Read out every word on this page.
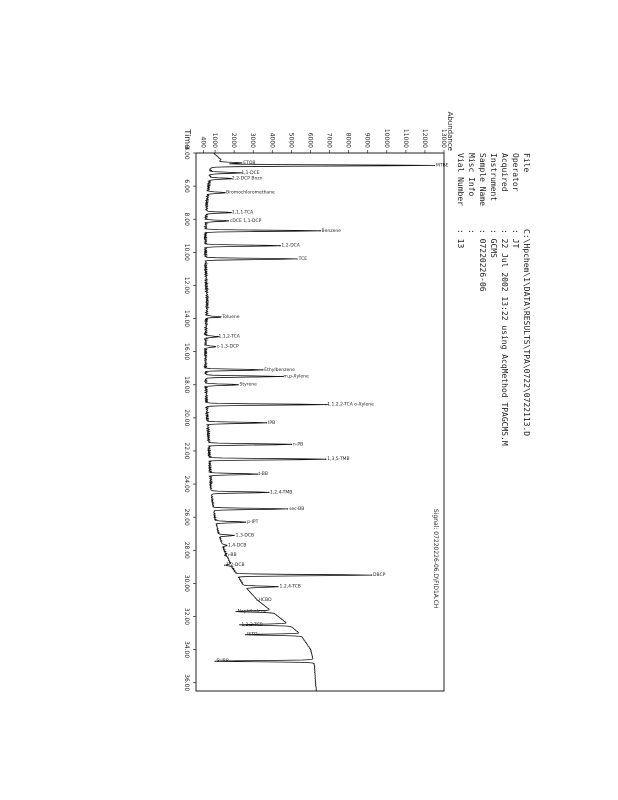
File
C:\Hpchem\1\DATA\RESULTS\TPA\0722\0722113.D
Operator
: JT
Acquired
: 22 Jul 2002 13:22 using AcqMethod TPAGCMS.M
Instrument
: GCMS
Sample Name
: 07220226-06
Misc Info
:
Vial Number
: 13
400 1000 2000 3000 4000 5000 6000 7000 8000 9000 10000 11000 12000 13000
4.00
6.00
8.00
10.00
12.00
14.00
16.00
18.00
20.00
22.00
24.00
26.00
28.00
30.00
32.00
34.00
36.00
Abundance
Time
Signal: 07220226-06.D\FID1A.CH
ETOB	MTBE
1,1-DCE
2,2-DCP Bnzn
Bromochloromethane
1,1,1-TCA
cDCE 1,1-DCP
Benzene
1,2-DCA
TCE
Toluene
1,1,2-TCA
c-1,3-DCP
Ethylbenzene
m,p-Xylene
Styrene
1,1,2,2-TCA o-Xylene
IPB
n-PB
1,3,5-TMB
t-BB
1,2,4-TMB
sec-BB
p-IPT
1,3-DCB
1,4-DCB
n-BB
1,2-DCB
DBCP
1,2,4-TCB
HCBD
Naphthalene
1,2,3-TCB
ISTD
SURR
